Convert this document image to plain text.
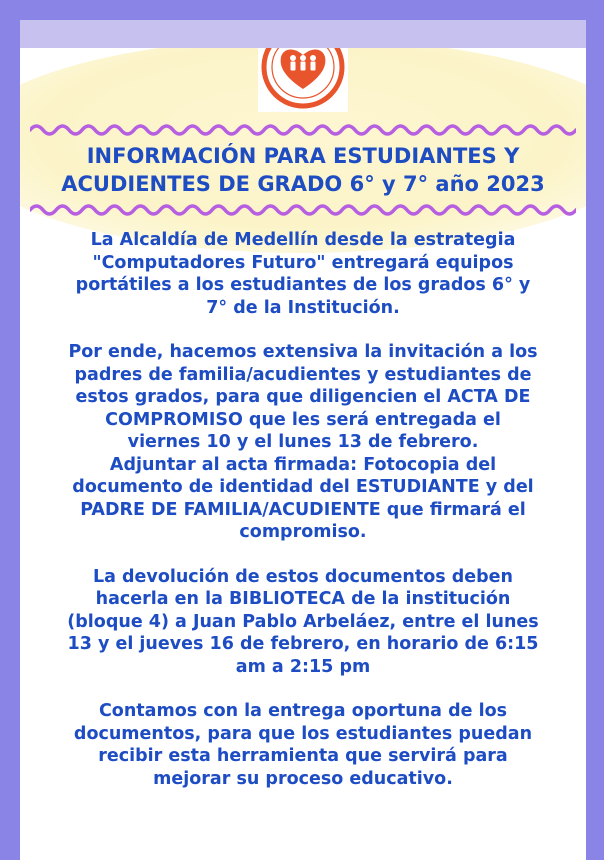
INFORMACIÓN PARA ESTUDIANTES Y
ACUDIENTES DE GRADO 6° y 7° año 2023

La Alcaldía de Medellín desde la estrategia

"Computadores Futuro" entregará equipos

portátiles a los estudiantes de los grados 6° y

7° de la Institución.

Por ende, hacemos extensiva la invitación a los

padres de familia/acudientes y estudiantes de

estos grados, para que diligencien el ACTA DE

COMPROMISO que les será entregada el

viernes 10 y el lunes 13 de febrero.

Adjuntar al acta firmada: Fotocopia del

documento de identidad del ESTUDIANTE y del

PADRE DE FAMILIA/ACUDIENTE que firmará el

compromiso.

La devolución de estos documentos deben

hacerla en la BIBLIOTECA de la institución

(bloque 4) a Juan Pablo Arbeláez, entre el lunes

13 y el jueves 16 de febrero, en horario de 6:15

am a 2:15 pm

Contamos con la entrega oportuna de los

documentos, para que los estudiantes puedan

recibir esta herramienta que servirá para

mejorar su proceso educativo.
